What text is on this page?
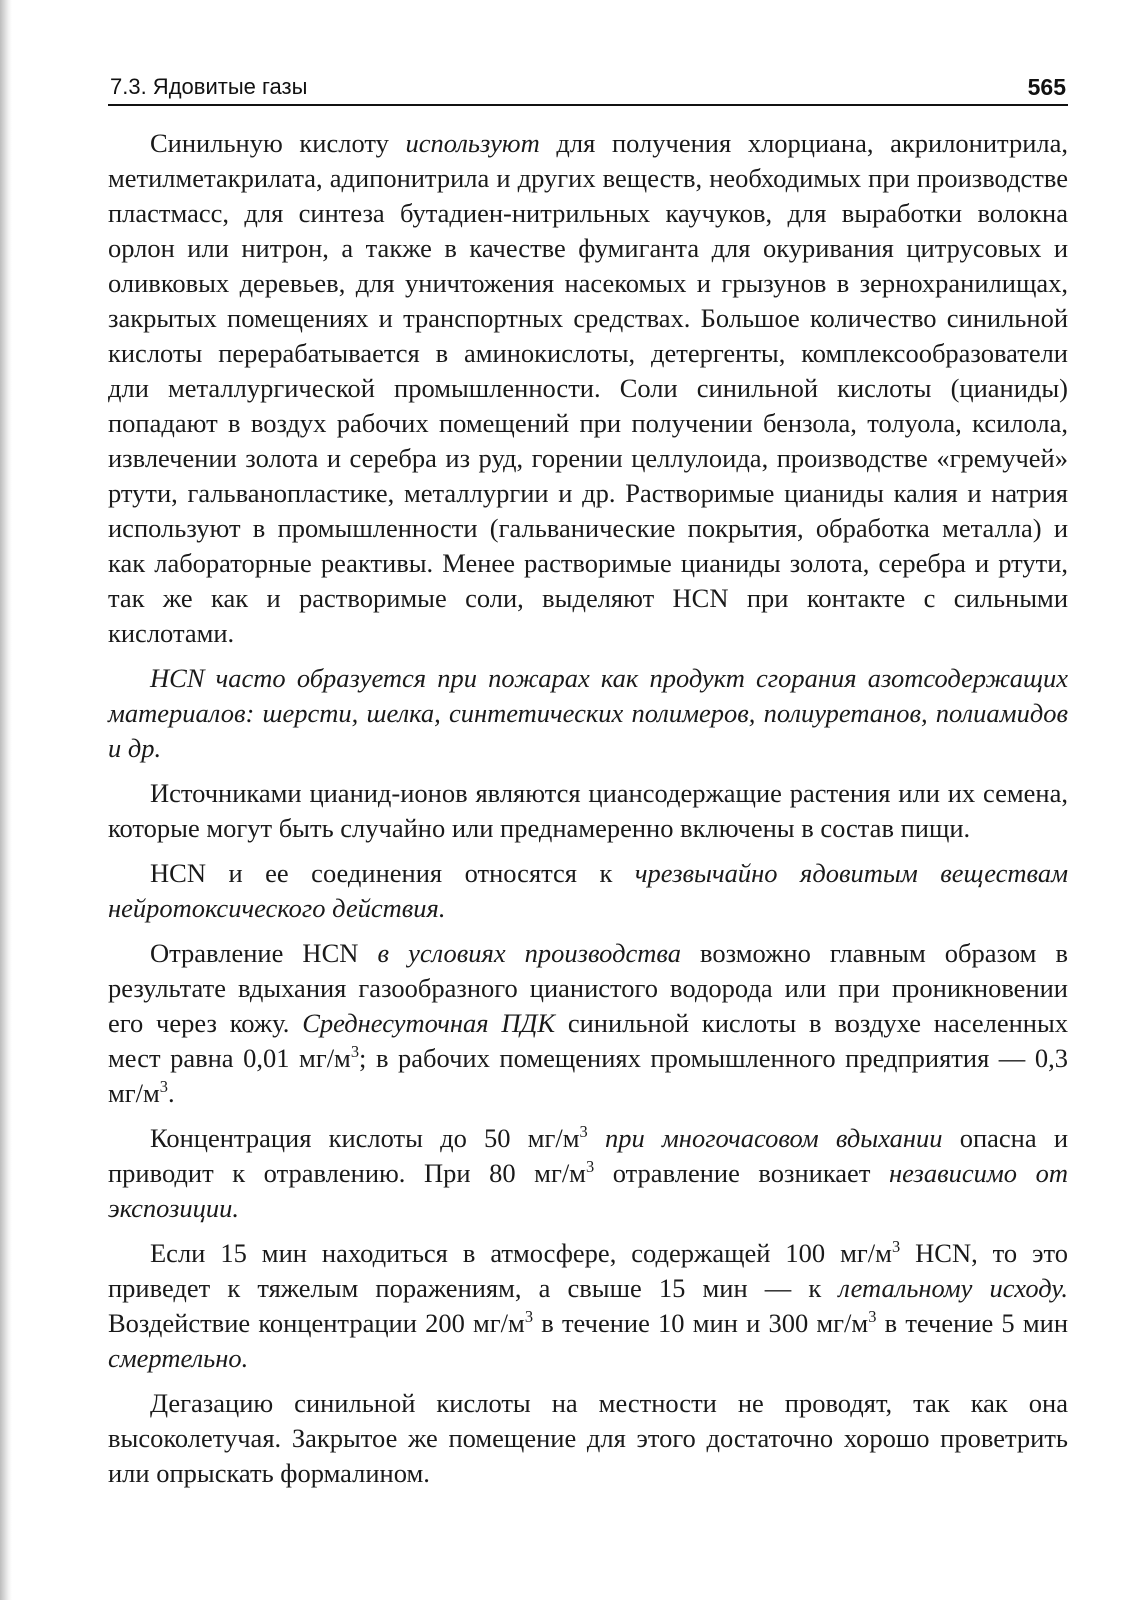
7.3. Ядовитые газы	565

Синильную кислоту используют для получения хлорциана, акрилонитрила, метилметакрилата, адипонитрила и других веществ, необходимых при производстве пластмасс, для синтеза бутадиен-нитрильных каучуков, для выработки волокна орлон или нитрон, а также в качестве фумиганта для окуривания цитрусовых и оливковых деревьев, для уничтожения насекомых и грызунов в зернохранилищах, закрытых помещениях и транспортных средствах. Большое количество синильной кислоты перерабатывается в аминокислоты, детергенты, комплексообразователи дли металлургической промышленности. Соли синильной кислоты (цианиды) попадают в воздух рабочих помещений при получении бензола, толуола, ксилола, извлечении золота и серебра из руд, горении целлулоида, производстве «гремучей» ртути, гальванопластике, металлургии и др. Растворимые цианиды калия и натрия используют в промышленности (гальванические покрытия, обработка металла) и как лабораторные реактивы. Менее растворимые цианиды золота, серебра и ртути, так же как и растворимые соли, выделяют HCN при контакте с сильными кислотами.

HCN часто образуется при пожарах как продукт сгорания азотсодержащих материалов: шерсти, шелка, синтетических полимеров, полиуретанов, полиамидов и др.

Источниками цианид-ионов являются циансодержащие растения или их семена, которые могут быть случайно или преднамеренно включены в состав пищи.

HCN и ее соединения относятся к чрезвычайно ядовитым веществам нейротоксического действия.

Отравление HCN в условиях производства возможно главным образом в результате вдыхания газообразного цианистого водорода или при проникновении его через кожу. Среднесуточная ПДК синильной кислоты в воздухе населенных мест равна 0,01 $мг/м^3$; в рабочих помещениях промышленного предприятия — 0,3 $мг/м^3$.

Концентрация кислоты до 50 $мг/м^3$ при многочасовом вдыхании опасна и приводит к отравлению. При 80 $мг/м^3$ отравление возникает независимо от экспозиции.

Если 15 мин находиться в атмосфере, содержащей 100 $мг/м^3$ HCN, то это приведет к тяжелым поражениям, а свыше 15 мин — к летальному исходу. Воздействие концентрации 200 $мг/м^3$ в течение 10 мин и 300 $мг/м^3$ в течение 5 мин смертельно.

Дегазацию синильной кислоты на местности не проводят, так как она высоколетучая. Закрытое же помещение для этого достаточно хорошо проветрить или опрыскать формалином.
